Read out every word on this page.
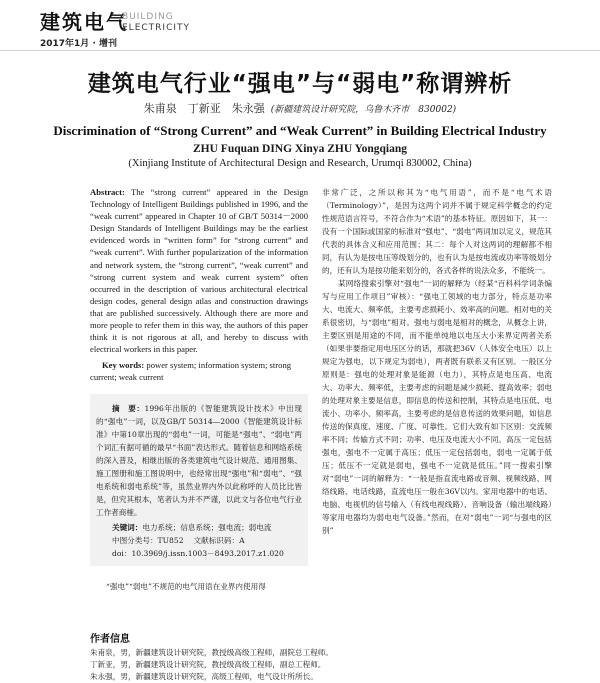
建筑电气
BUILDING
ELECTRICITY
2017年1月 · 增刊
建筑电气行业“强电”与“弱电”称谓辨析
朱甫泉　丁新亚　朱永强 (新疆建筑设计研究院，乌鲁木齐市　830002)
Discrimination of “Strong Current” and “Weak Current” in Building Electrical Industry
ZHU Fuquan DING Xinya ZHU Yongqiang
(Xinjiang Institute of Architectural Design and Research, Urumqi 830002, China)

Abstract: The “strong current” appeared in the Design Technology of Intelligent Buildings published in 1996, and the “weak current” appeared in Chapter 10 of GB/T 50314－2000 Design Standards of Intelligent Buildings may be the earliest evidenced words in “written form” for “strong current” and “weak current”. With further popularization of the information and network system, the “strong current”, “weak current” and “strong current system and weak current system” often occurred in the description of various architectural electrical design codes, general design atlas and construction drawings that are published successively. Although there are more and more people to refer them in this way, the authors of this paper think it is not rigorous at all, and hereby to discuss with electrical workers in this paper.

Key words: power system; information system; strong current; weak current

摘　要：1996年出版的《智能建筑设计技术》中出现的“强电”一词，以及GB/T 50314—2000《智能建筑设计标准》中第10章出现的“弱电”一词，可能是“强电”、“弱电”两个词汇有据可循的最早“书面”表达形式。随着信息和网络系统的深入普及，相继出版的各类建筑电气设计规范、通用图集、施工图册和施工图说明中，也经常出现“强电”和“弱电”、“强电系统和弱电系统”等，虽然业界内外以此称呼的人员比比皆是，但究其根本，笔者认为并不严谨，以此文与各位电气行业工作者商榷。

关键词：电力系统；信息系统；强电流；弱电流

中图分类号：TU852 文献标识码：A

doi：10.3969/j.issn.1003－8493.2017.z1.020

“强电”“弱电”不规范的电气用语在业界内使用得

非常广泛，之所以称其为“电气用语”，而不是“电气术语（Terminology）”，是因为这两个词并不属于规定科学概念的约定性规范语言符号，不符合作为“术语”的基本特征。原因如下，其一：没有一个国际或国家的标准对“强电”、“弱电”两词加以定义，规范其代表的具体含义和应用范围；其二：每个人对这两词的理解都不相同，有认为是按电压等级划分的，也有认为是按电流或功率等级划分的，还有认为是按功能来划分的，各式各样的说法众多，不能统一。

某网络搜索引擎对“强电”一词的解释为（经某“百科科学词条编写与应用工作项目”审核）：“强电工领域的电力部分，特点是功率大、电流大、频率低，主要考虑损耗小、效率高的问题。相对电的关系很密切，与“弱电”相对。强电与弱电是相对的概念，从概念上讲，主要区别是用途的不同，而不能单纯地以电压大小来界定两者关系（如果非要指定用电压区分的话，那就把36V（人体安全电压）以上规定为强电，以下规定为弱电），两者既有联系又有区别。一般区分原则是：强电的处理对象是能源（电力），其特点是电压高、电流大、功率大、频率低，主要考虑的问题是减少损耗、提高效率；弱电的处理对象主要是信息，即信息的传送和控制，其特点是电压低、电流小、功率小、频率高，主要考虑的是信息传送的效果问题，如信息传送的保真度、速度、广度、可靠性。它们大致有如下区别：交流频率不同；传输方式不同；功率、电压及电流大小不同。高压一定包括强电，强电不一定属于高压；低压一定包括弱电，弱电一定属于低压；低压不一定就是弱电，强电不一定就是低压。”同一搜索引擎对“弱电”一词的解释为：“一般是指直流电路或音频、视频线路、网络线路、电话线路，直流电压一般在36V以内。家用电器中的电话、电脑、电视机的信号输入（有线电视线路）、音响设备（输出端线路）等家用电器均为弱电电气设备。”然而，在对“弱电”一词“与强电的区别”

作者信息
朱甫泉，男，新疆建筑设计研究院，教授级高级工程师，副院总工程师。
丁新亚，男，新疆建筑设计研究院，教授级高级工程师，副总工程师。
朱永强，男，新疆建筑设计研究院，高级工程师，电气设计所所长。
